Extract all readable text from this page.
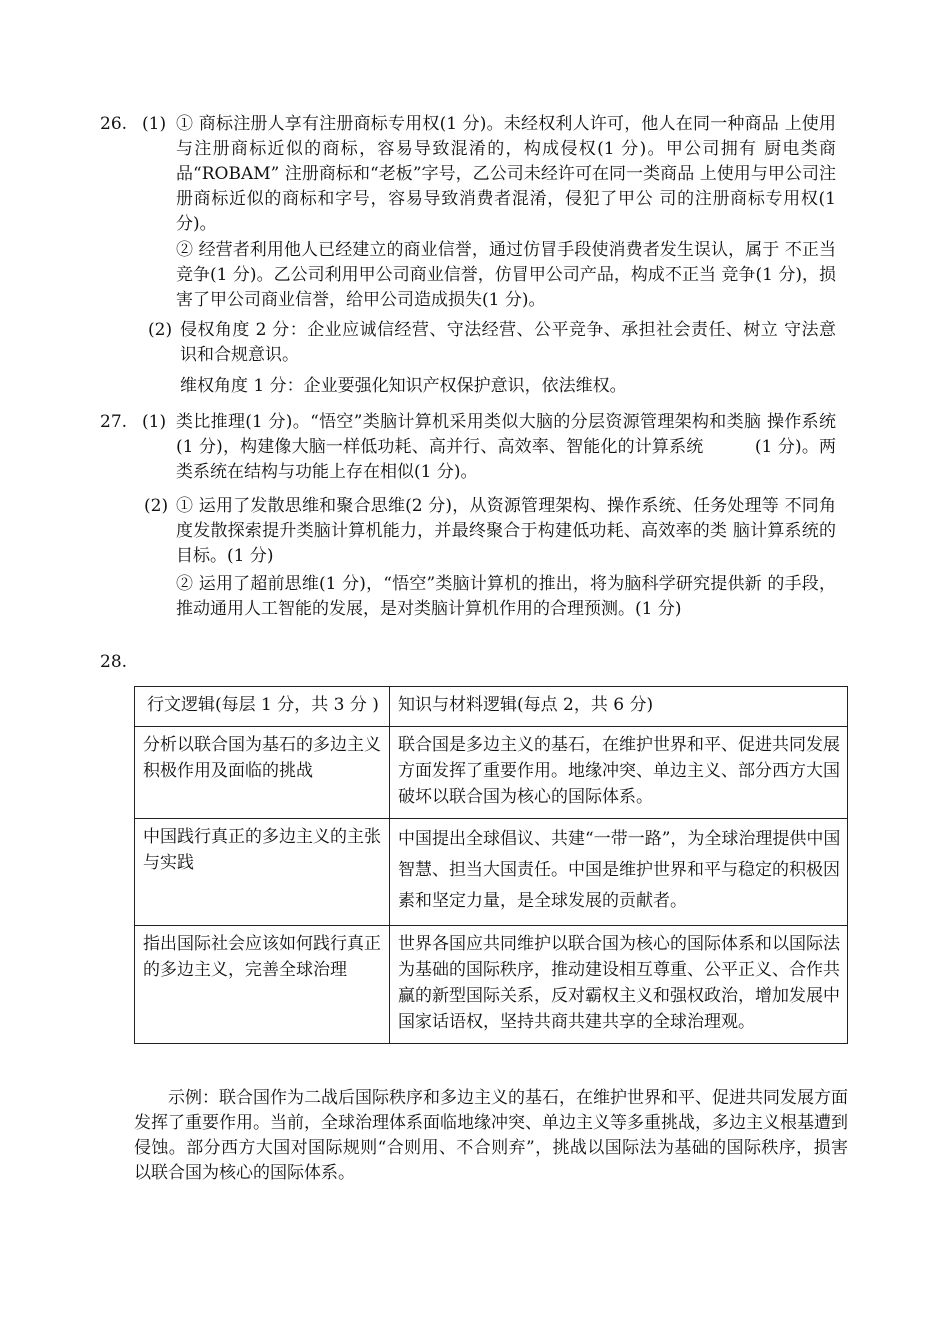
26. (1) ① 商标注册人享有注册商标专用权(1 分)。未经权利人许可，他人在同一种商品 上使用与注册商标近似的商标，容易导致混淆的，构成侵权(1 分)。甲公司拥有 厨电类商品“ROBAM” 注册商标和“老板”字号，乙公司未经许可在同一类商品 上使用与甲公司注册商标近似的商标和字号，容易导致消费者混淆，侵犯了甲公 司的注册商标专用权(1 分)。

② 经营者利用他人已经建立的商业信誉，通过仿冒手段使消费者发生误认，属于 不正当竞争(1 分)。乙公司利用甲公司商业信誉，仿冒甲公司产品，构成不正当 竞争(1 分)，损害了甲公司商业信誉，给甲公司造成损失(1 分)。

(2) 侵权角度 2 分：企业应诚信经营、守法经营、公平竞争、承担社会责任、树立 守法意识和合规意识。

维权角度 1 分：企业要强化知识产权保护意识，依法维权。

27. (1) 类比推理(1 分)。“悟空”类脑计算机采用类似大脑的分层资源管理架构和类脑 操作系统(1 分)，构建像大脑一样低功耗、高并行、高效率、智能化的计算系统　　　(1 分)。两类系统在结构与功能上存在相似(1 分)。

(2) ① 运用了发散思维和聚合思维(2 分)，从资源管理架构、操作系统、任务处理等 不同角度发散探索提升类脑计算机能力，并最终聚合于构建低功耗、高效率的类 脑计算系统的目标。(1 分)

② 运用了超前思维(1 分)，“悟空”类脑计算机的推出，将为脑科学研究提供新 的手段，推动通用人工智能的发展，是对类脑计算机作用的合理预测。(1 分)

28.

行文逻辑(每层 1 分，共 3 分 )	知识与材料逻辑(每点 2，共 6 分)
分析以联合国为基石的多边主义积极作用及面临的挑战	联合国是多边主义的基石，在维护世界和平、促进共同发展方面发挥了重要作用。地缘冲突、单边主义、部分西方大国破坏以联合国为核心的国际体系。
中国践行真正的多边主义的主张与实践	中国提出全球倡议、共建“一带一路”，为全球治理提供中国智慧、担当大国责任。中国是维护世界和平与稳定的积极因素和坚定力量，是全球发展的贡献者。
指出国际社会应该如何践行真正的多边主义，完善全球治理	世界各国应共同维护以联合国为核心的国际体系和以国际法为基础的国际秩序，推动建设相互尊重、公平正义、合作共赢的新型国际关系，反对霸权主义和强权政治，增加发展中国家话语权，坚持共商共建共享的全球治理观。

示例：联合国作为二战后国际秩序和多边主义的基石，在维护世界和平、促进共同发展方面发挥了重要作用。当前，全球治理体系面临地缘冲突、单边主义等多重挑战，多边主义根基遭到侵蚀。部分西方大国对国际规则“合则用、不合则弃”，挑战以国际法为基础的国际秩序，损害以联合国为核心的国际体系。
